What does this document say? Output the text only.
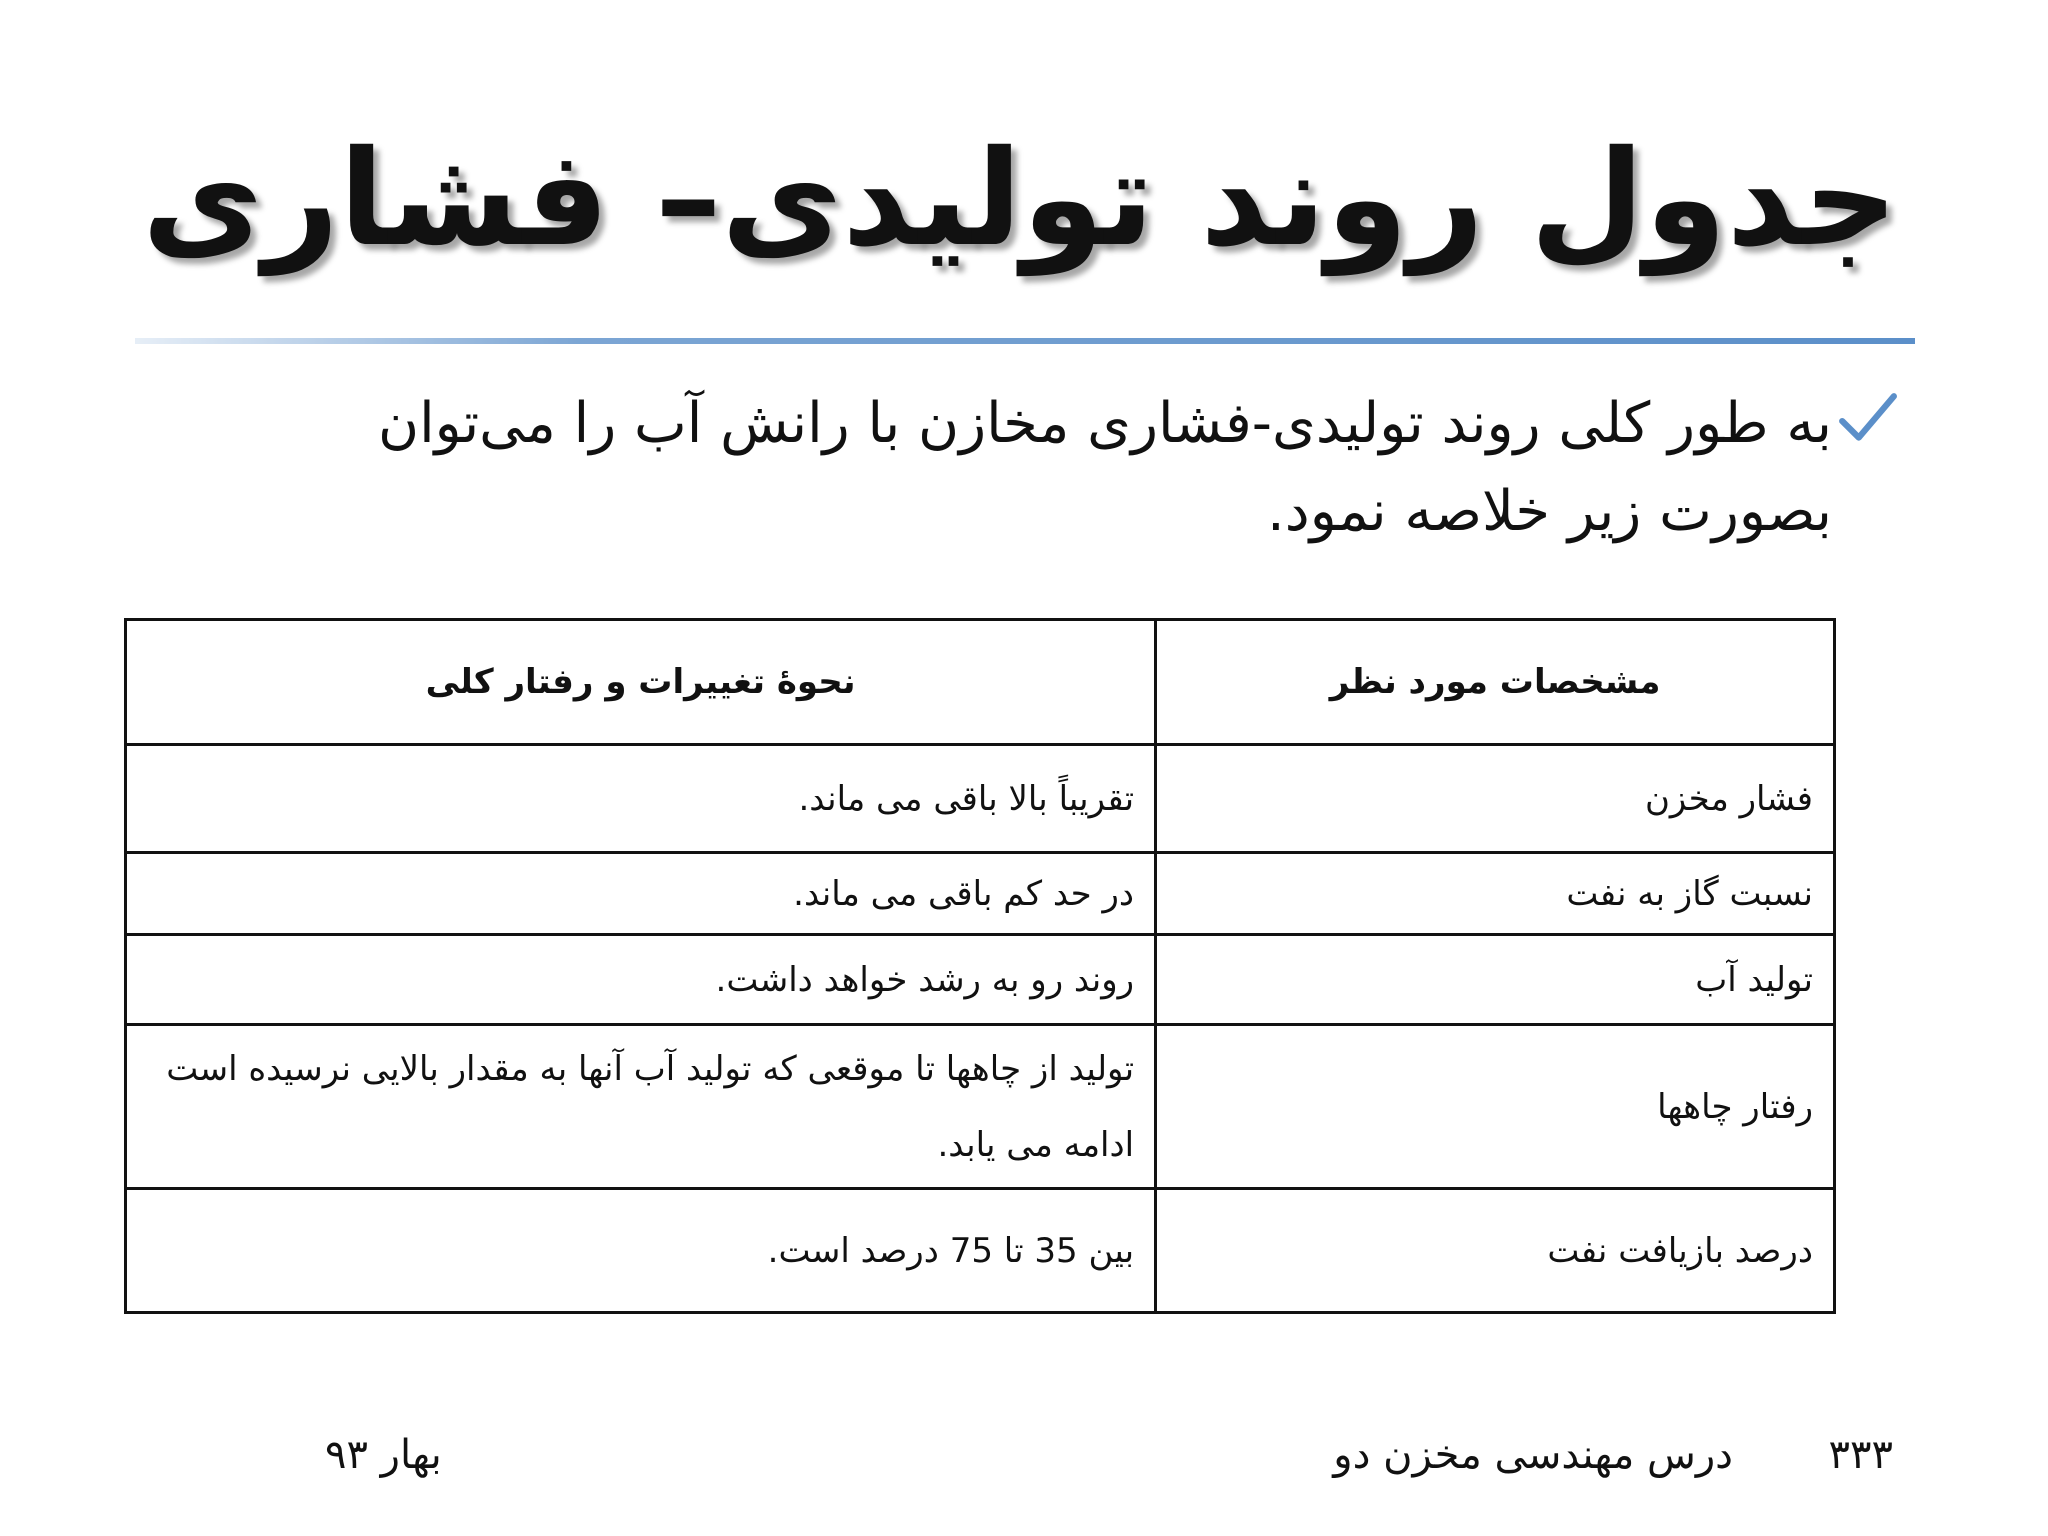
جدول روند تولیدی– فشاری
به طور کلی روند تولیدی-فشاری مخازن با رانش آب را می‌توان بصورت زیر خلاصه نمود.
مشخصات مورد نظر	نحوهٔ تغییرات و رفتار کلی
فشار مخزن	تقریباً بالا باقی می ماند.
نسبت گاز به نفت	در حد کم باقی می ماند.
تولید آب	روند رو به رشد خواهد داشت.
رفتار چاهها	تولید از چاهها تا موقعی که تولید آب آنها به مقدار بالایی نرسیده است ادامه می یابد.
درصد بازیافت نفت	بین 35 تا 75 درصد است.
۳۳۳
درس مهندسی مخزن دو
بهار ۹۳
